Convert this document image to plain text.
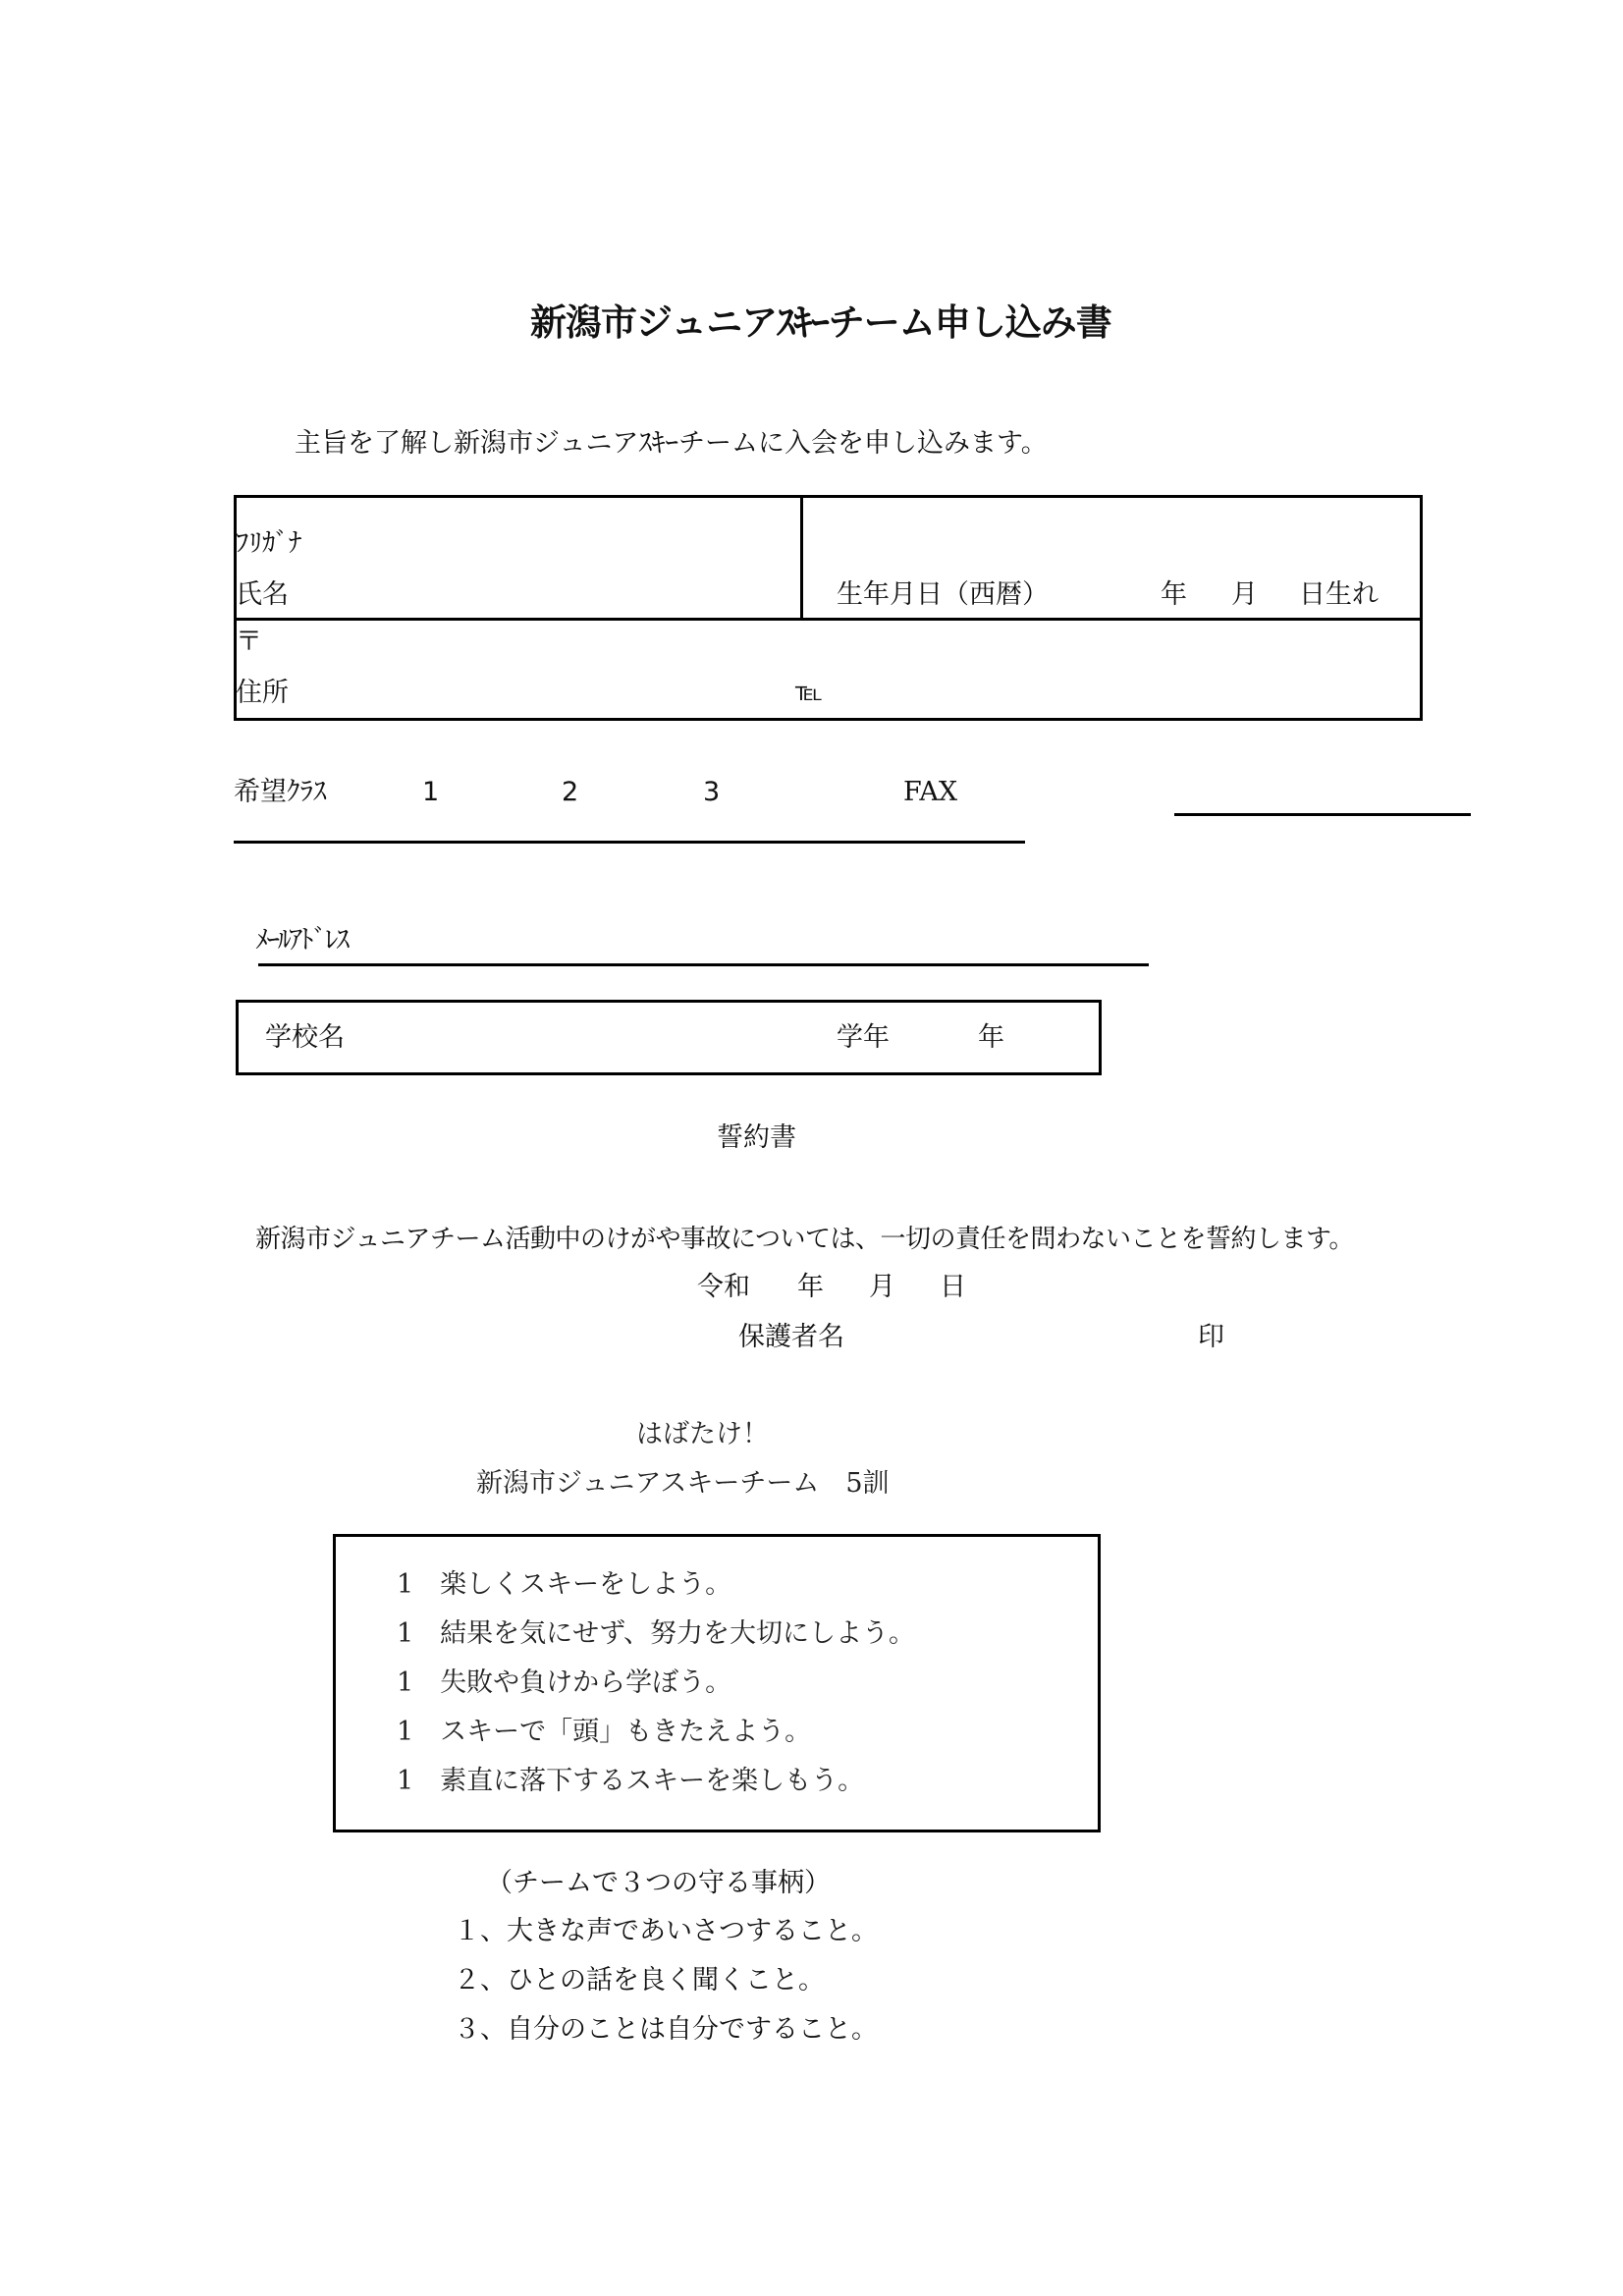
新潟市ジュニアｽｷｰチーム申し込み書
主旨を了解し新潟市ジュニアｽｷｰチームに入会を申し込みます。
ﾌﾘｶﾞﾅ
氏名	生年月日（西暦）	年 月 日生れ
〒
住所	℡
希望ｸﾗｽ	1	2	3	FAX
ﾒｰﾙｱﾄﾞﾚｽ
学校名	学年	年
誓約書
新潟市ジュニアチーム活動中のけがや事故については、一切の責任を問わないことを誓約します。
令和 年 月 日
保護者名	印
はばたけ！
新潟市ジュニアスキーチーム　5訓
1　楽しくスキーをしよう。
1　結果を気にせず、努力を大切にしよう。
1　失敗や負けから学ぼう。
1　スキーで「頭」もきたえよう。
1　素直に落下するスキーを楽しもう。
（チームで３つの守る事柄）
１、大きな声であいさつすること。
２、ひとの話を良く聞くこと。
３、自分のことは自分ですること。
